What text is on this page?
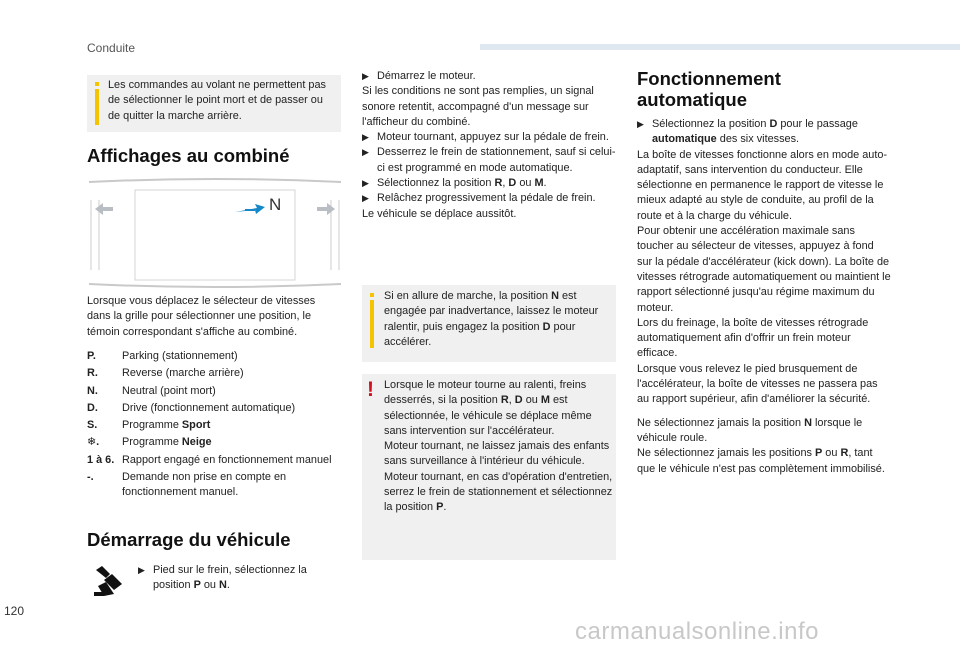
Conduite
Les commandes au volant ne permettent pas de sélectionner le point mort et de passer ou de quitter la marche arrière.
Affichages au combiné
N
Lorsque vous déplacez le sélecteur de vitesses dans la grille pour sélectionner une position, le témoin correspondant s'affiche au combiné.
P.	Parking (stationnement)
R.	Reverse (marche arrière)
N.	Neutral (point mort)
D.	Drive (fonctionnement automatique)
S.	Programme Sport
❄.	Programme Neige
1 à 6. Rapport engagé en fonctionnement manuel
-.	Demande non prise en compte en fonctionnement manuel.
Démarrage du véhicule
▶ Pied sur le frein, sélectionnez la position P ou N.
▶ Démarrez le moteur.
Si les conditions ne sont pas remplies, un signal sonore retentit, accompagné d'un message sur l'afficheur du combiné.
▶ Moteur tournant, appuyez sur la pédale de frein.
▶ Desserrez le frein de stationnement, sauf si celui-ci est programmé en mode automatique.
▶ Sélectionnez la position R, D ou M.
▶ Relâchez progressivement la pédale de frein.
Le véhicule se déplace aussitôt.
Si en allure de marche, la position N est engagée par inadvertance, laissez le moteur ralentir, puis engagez la position D pour accélérer.
! Lorsque le moteur tourne au ralenti, freins desserrés, si la position R, D ou M est sélectionnée, le véhicule se déplace même sans intervention sur l'accélérateur.
Moteur tournant, ne laissez jamais des enfants sans surveillance à l'intérieur du véhicule.
Moteur tournant, en cas d'opération d'entretien, serrez le frein de stationnement et sélectionnez la position P.
Fonctionnement
automatique
▶ Sélectionnez la position D pour le passage automatique des six vitesses.
La boîte de vitesses fonctionne alors en mode auto-adaptatif, sans intervention du conducteur. Elle sélectionne en permanence le rapport de vitesse le mieux adapté au style de conduite, au profil de la route et à la charge du véhicule.
Pour obtenir une accélération maximale sans toucher au sélecteur de vitesses, appuyez à fond sur la pédale d'accélérateur (kick down). La boîte de vitesses rétrograde automatiquement ou maintient le rapport sélectionné jusqu'au régime maximum du moteur.
Lors du freinage, la boîte de vitesses rétrograde automatiquement afin d'offrir un frein moteur efficace.
Lorsque vous relevez le pied brusquement de l'accélérateur, la boîte de vitesses ne passera pas au rapport supérieur, afin d'améliorer la sécurité.
Ne sélectionnez jamais la position N lorsque le véhicule roule.
Ne sélectionnez jamais les positions P ou R, tant que le véhicule n'est pas complètement immobilisé.
120
carmanualsonline.info
